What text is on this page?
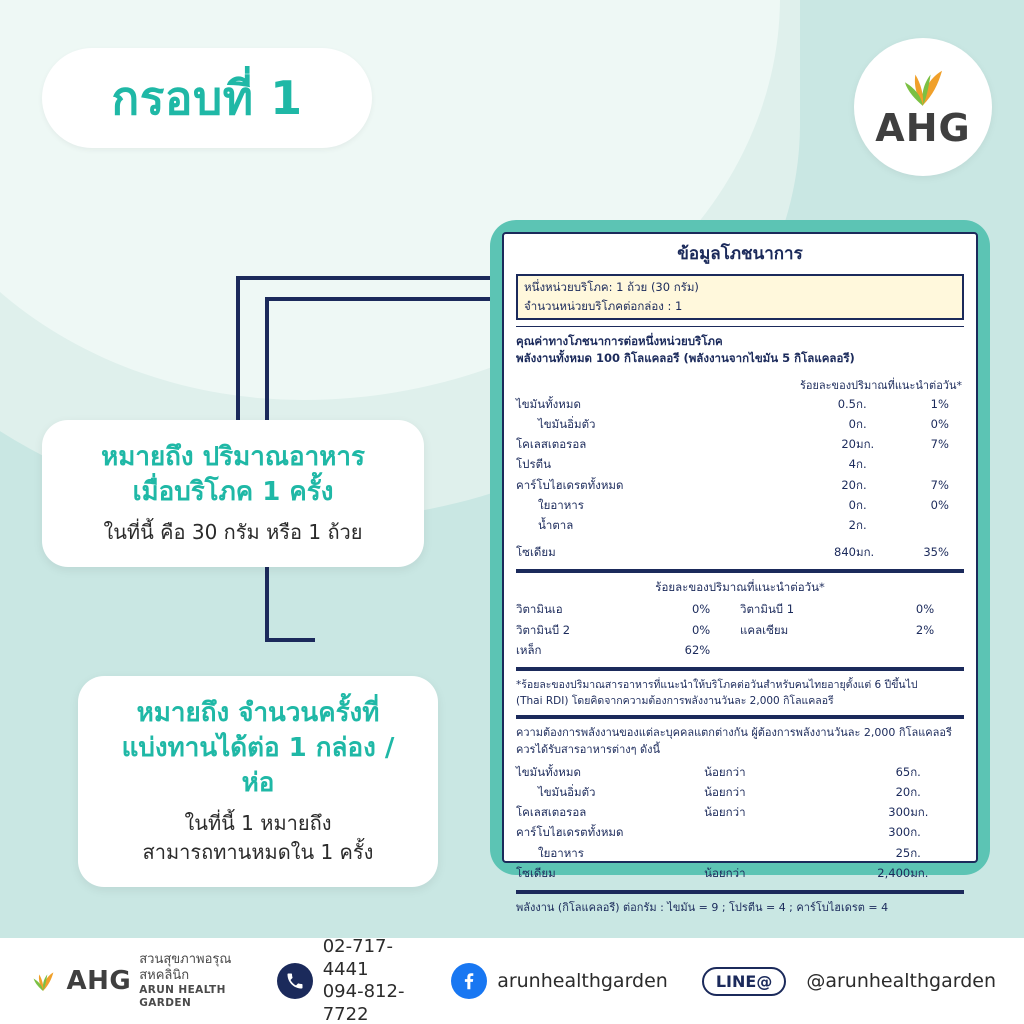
กรอบที่ 1
AHG
หมายถึง ปริมาณอาหาร
เมื่อบริโภค 1 ครั้ง
ในที่นี้ คือ 30 กรัม หรือ 1 ถ้วย
หมายถึง จำนวนครั้งที่
แบ่งทานได้ต่อ 1 กล่อง / ห่อ
ในที่นี้ 1 หมายถึง
สามารถทานหมดใน 1 ครั้ง
ข้อมูลโภชนาการ
หนึ่งหน่วยบริโภค: 1 ถ้วย (30 กรัม)
จำนวนหน่วยบริโภคต่อกล่อง : 1
คุณค่าทางโภชนาการต่อหนึ่งหน่วยบริโภค
พลังงานทั้งหมด 100 กิโลแคลอรี (พลังงานจากไขมัน 5 กิโลแคลอรี)
ร้อยละของปริมาณที่แนะนำต่อวัน*
ไขมันทั้งหมด	0.5	ก.	1	%
ไขมันอิ่มตัว	0	ก.	0	%
โคเลสเตอรอล	20	มก.	7	%
โปรตีน	4	ก.		
คาร์โบไฮเดรตทั้งหมด	20	ก.	7	%
ใยอาหาร	0	ก.	0	%
น้ำตาล	2	ก.		
โซเดียม	840	มก.	35	%
ร้อยละของปริมาณที่แนะนำต่อวัน*
วิตามินเอ	0	%	วิตามินบี 1	0	%
วิตามินบี 2	0	%	แคลเซียม	2	%
เหล็ก	62	%			
*ร้อยละของปริมาณสารอาหารที่แนะนำให้บริโภคต่อวันสำหรับคนไทยอายุตั้งแต่ 6 ปีขึ้นไป
(Thai RDI) โดยคิดจากความต้องการพลังงานวันละ 2,000 กิโลแคลอรี
ความต้องการพลังงานของแต่ละบุคคลแตกต่างกัน ผู้ต้องการพลังงานวันละ 2,000 กิโลแคลอรี
ควรได้รับสารอาหารต่างๆ ดังนี้
ไขมันทั้งหมด	น้อยกว่า	65	ก.
ไขมันอิ่มตัว	น้อยกว่า	20	ก.
โคเลสเตอรอล	น้อยกว่า	300	มก.
คาร์โบไฮเดรตทั้งหมด		300	ก.
ใยอาหาร		25	ก.
โซเดียม	น้อยกว่า	2,400	มก.
พลังงาน (กิโลแคลอรี) ต่อกรัม : ไขมัน = 9 ; โปรตีน = 4 ; คาร์โบไฮเดรต = 4
AHG
สวนสุขภาพอรุณสหคลินิก
ARUN HEALTH GARDEN
02-717-4441
094-812-7722
arunhealthgarden	LINE@ @arunhealthgarden
